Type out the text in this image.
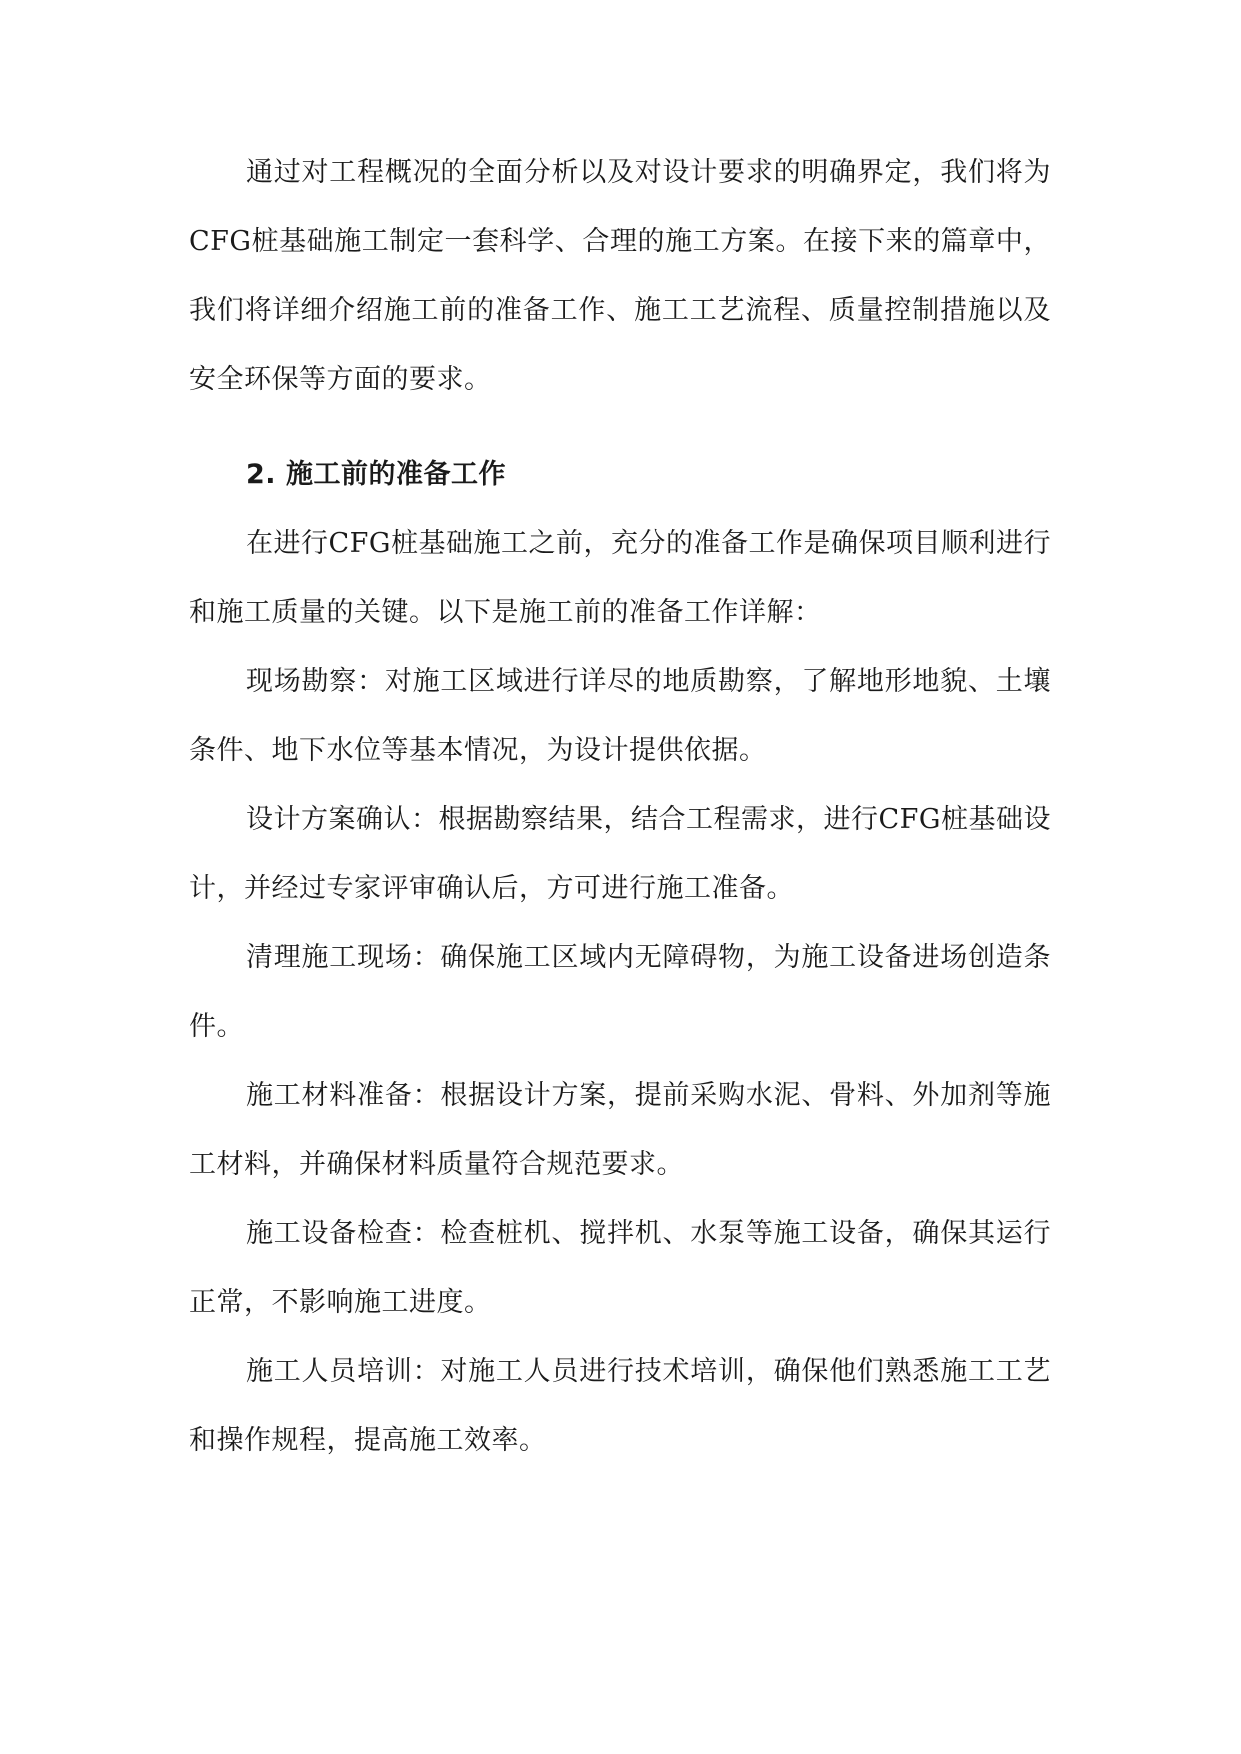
通过对工程概况的全面分析以及对设计要求的明确界定，我们将为CFG桩基础施工制定一套科学、合理的施工方案。在接下来的篇章中，我们将详细介绍施工前的准备工作、施工工艺流程、质量控制措施以及安全环保等方面的要求。

2. 施工前的准备工作

在进行CFG桩基础施工之前，充分的准备工作是确保项目顺利进行和施工质量的关键。以下是施工前的准备工作详解：

现场勘察：对施工区域进行详尽的地质勘察，了解地形地貌、土壤条件、地下水位等基本情况，为设计提供依据。

设计方案确认：根据勘察结果，结合工程需求，进行CFG桩基础设计，并经过专家评审确认后，方可进行施工准备。

清理施工现场：确保施工区域内无障碍物，为施工设备进场创造条件。

施工材料准备：根据设计方案，提前采购水泥、骨料、外加剂等施工材料，并确保材料质量符合规范要求。

施工设备检查：检查桩机、搅拌机、水泵等施工设备，确保其运行正常，不影响施工进度。

施工人员培训：对施工人员进行技术培训，确保他们熟悉施工工艺和操作规程，提高施工效率。
